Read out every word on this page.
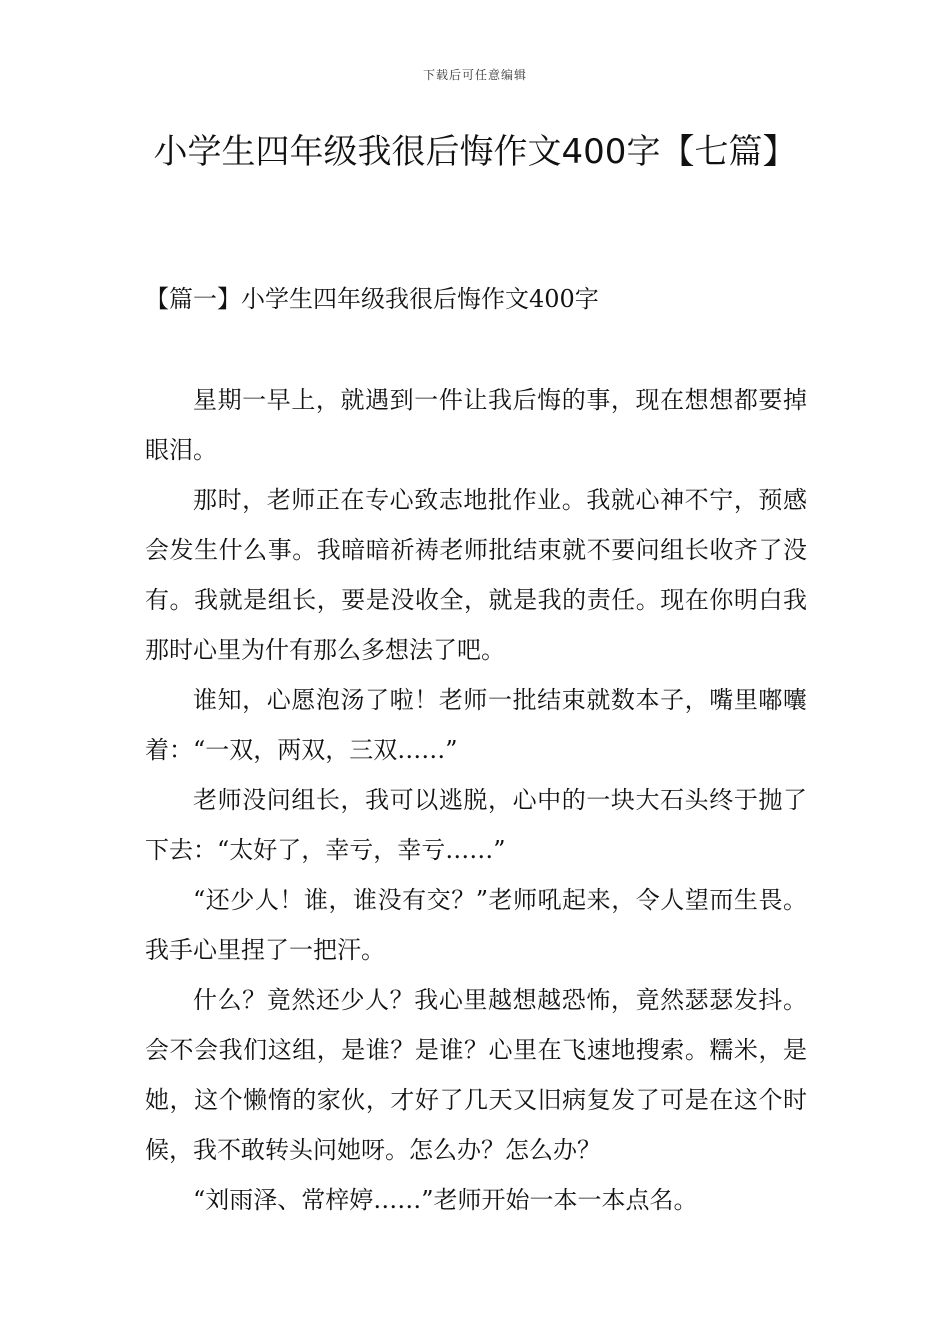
下载后可任意编辑
小学生四年级我很后悔作文400字【七篇】
【篇一】小学生四年级我很后悔作文400字

星期一早上，就遇到一件让我后悔的事，现在想想都要掉眼泪。

那时，老师正在专心致志地批作业。我就心神不宁，预感会发生什么事。我暗暗祈祷老师批结束就不要问组长收齐了没有。我就是组长，要是没收全，就是我的责任。现在你明白我那时心里为什有那么多想法了吧。

谁知，心愿泡汤了啦！老师一批结束就数本子，嘴里嘟囔着：“一双，两双，三双……”

老师没问组长，我可以逃脱，心中的一块大石头终于抛了下去：“太好了，幸亏，幸亏……”

“还少人！谁，谁没有交？”老师吼起来，令人望而生畏。我手心里捏了一把汗。

什么？竟然还少人？我心里越想越恐怖，竟然瑟瑟发抖。会不会我们这组，是谁？是谁？心里在飞速地搜索。糯米，是她，这个懒惰的家伙，才好了几天又旧病复发了可是在这个时候，我不敢转头问她呀。怎么办？怎么办？

“刘雨泽、常梓婷……”老师开始一本一本点名。
